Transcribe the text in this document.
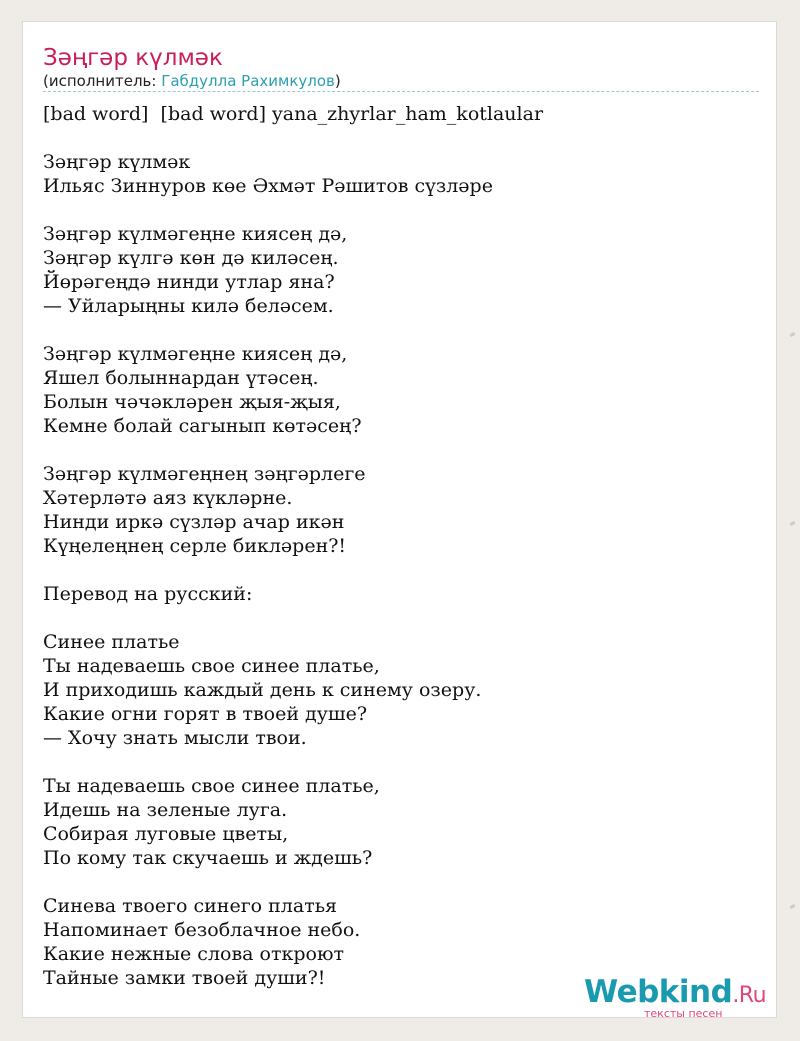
Зәңгәр күлмәк
(исполнитель: Габдулла Рахимкулов)
[bad word]  [bad word] yana_zhyrlar_ham_kotlaular
Зәңгәр күлмәк
Ильяс Зиннуров көе Әхмәт Рәшитов сүзләре
Зәңгәр күлмәгеңне киясең дә,
Зәңгәр күлгә көн дә киләсең.
Йөрәгеңдә нинди утлар яна?
— Уйларыңны килә беләсем.
Зәңгәр күлмәгеңне киясең дә,
Яшел болыннардан үтәсең.
Болын чәчәкләрен җыя-җыя,
Кемне болай сагынып көтәсең?
Зәңгәр күлмәгеңнең зәңгәрлеге
Хәтерләтә аяз күкләрне.
Нинди иркә сүзләр ачар икән
Күңелеңнең серле бикләрен?!
Перевод на русский:
Синее платье
Ты надеваешь свое синее платье,
И приходишь каждый день к синему озеру.
Какие огни горят в твоей душе?
— Хочу знать мысли твои.
Ты надеваешь свое синее платье,
Идешь на зеленые луга.
Собирая луговые цветы,
По кому так скучаешь и ждешь?
Синева твоего синего платья
Напоминает безоблачное небо.
Какие нежные слова откроют
Тайные замки твоей души?!	Webkind.Ru
тексты песен
